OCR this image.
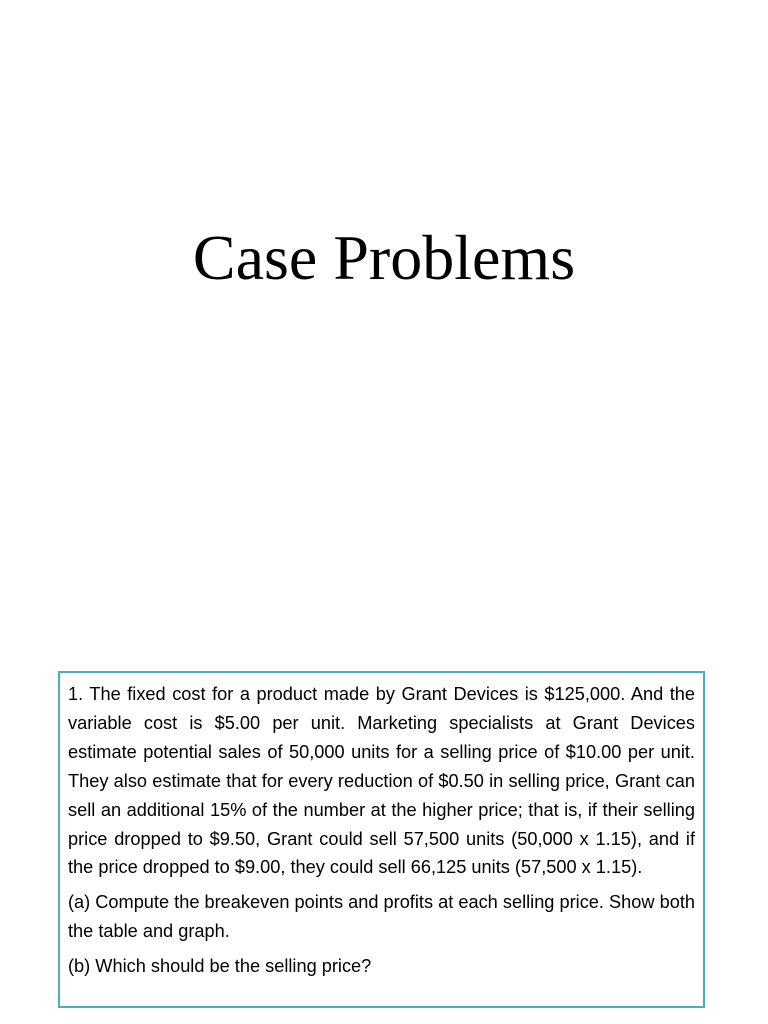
Case Problems

1. The fixed cost for a product made by Grant Devices is $125,000. And the variable cost is $5.00 per unit. Marketing specialists at Grant Devices estimate potential sales of 50,000 units for a selling price of $10.00 per unit. They also estimate that for every reduction of $0.50 in selling price, Grant can sell an additional 15% of the number at the higher price; that is, if their selling price dropped to $9.50, Grant could sell 57,500 units (50,000 x 1.15), and if the price dropped to $9.00, they could sell 66,125 units (57,500 x 1.15).

(a) Compute the breakeven points and profits at each selling price. Show both the table and graph.

(b) Which should be the selling price?
